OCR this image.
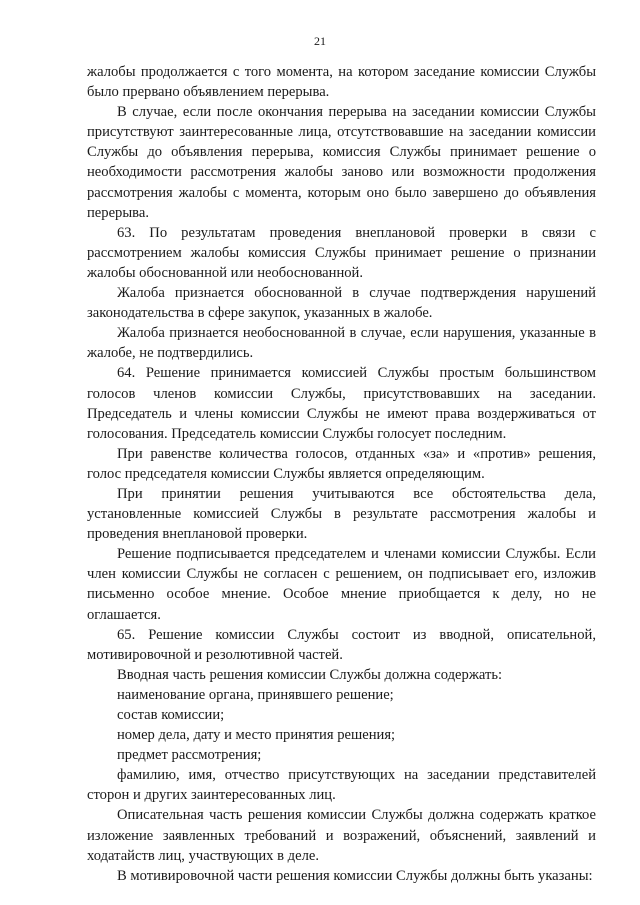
21

жалобы продолжается с того момента, на котором заседание комиссии Службы было прервано объявлением перерыва.

В случае, если после окончания перерыва на заседании комиссии Службы присутствуют заинтересованные лица, отсутствовавшие на заседании комиссии Службы до объявления перерыва, комиссия Службы принимает решение о необходимости рассмотрения жалобы заново или возможности продолжения рассмотрения жалобы с момента, которым оно было завершено до объявления перерыва.

63. По результатам проведения внеплановой проверки в связи с рассмотрением жалобы комиссия Службы принимает решение о признании жалобы обоснованной или необоснованной.

Жалоба признается обоснованной в случае подтверждения нарушений законодательства в сфере закупок, указанных в жалобе.

Жалоба признается необоснованной в случае, если нарушения, указанные в жалобе, не подтвердились.

64. Решение принимается комиссией Службы простым большинством голосов членов комиссии Службы, присутствовавших на заседании. Председатель и члены комиссии Службы не имеют права воздерживаться от голосования. Председатель комиссии Службы голосует последним.

При равенстве количества голосов, отданных «за» и «против» решения, голос председателя комиссии Службы является определяющим.

При принятии решения учитываются все обстоятельства дела, установленные комиссией Службы в результате рассмотрения жалобы и проведения внеплановой проверки.

Решение подписывается председателем и членами комиссии Службы. Если член комиссии Службы не согласен с решением, он подписывает его, изложив письменно особое мнение. Особое мнение приобщается к делу, но не оглашается.

65. Решение комиссии Службы состоит из вводной, описательной, мотивировочной и резолютивной частей.

Вводная часть решения комиссии Службы должна содержать:

наименование органа, принявшего решение;

состав комиссии;

номер дела, дату и место принятия решения;

предмет рассмотрения;

фамилию, имя, отчество присутствующих на заседании представителей сторон и других заинтересованных лиц.

Описательная часть решения комиссии Службы должна содержать краткое изложение заявленных требований и возражений, объяснений, заявлений и ходатайств лиц, участвующих в деле.

В мотивировочной части решения комиссии Службы должны быть указаны:
